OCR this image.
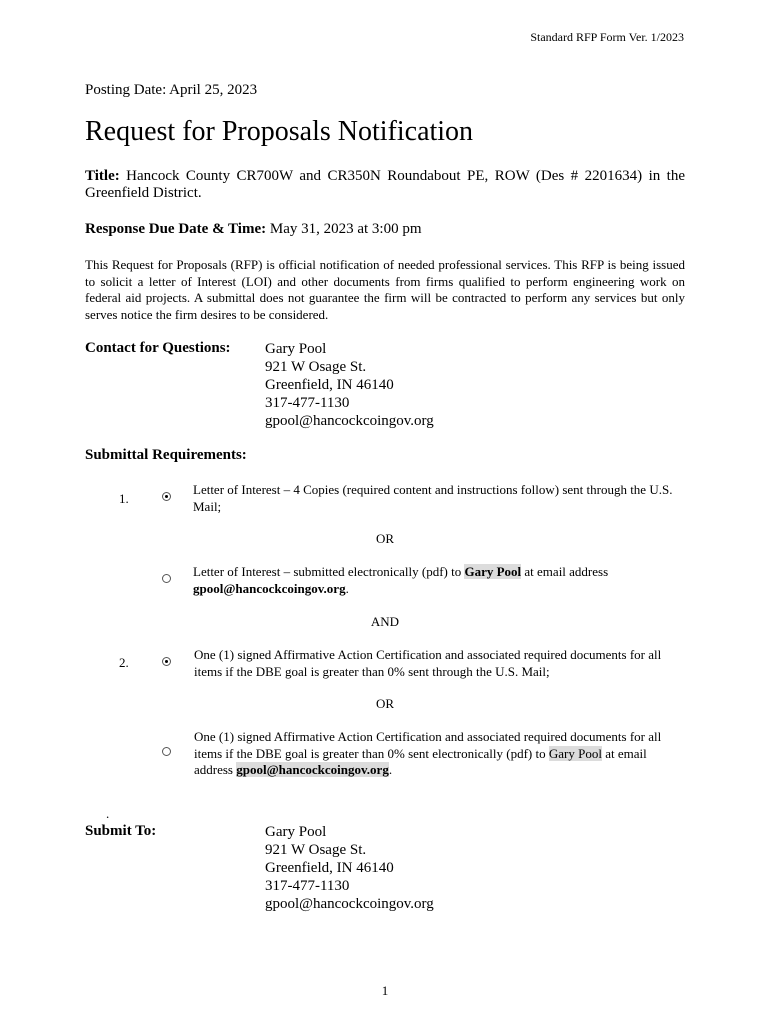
Standard RFP Form Ver. 1/2023
Posting Date: April 25, 2023
Request for Proposals Notification
Title: Hancock County CR700W and CR350N Roundabout PE, ROW (Des # 2201634) in the Greenfield District.
Response Due Date & Time: May 31, 2023 at 3:00 pm
This Request for Proposals (RFP) is official notification of needed professional services. This RFP is being issued to solicit a letter of Interest (LOI) and other documents from firms qualified to perform engineering work on federal aid projects. A submittal does not guarantee the firm will be contracted to perform any services but only serves notice the firm desires to be considered.
Contact for Questions: Gary Pool
921 W Osage St.
Greenfield, IN 46140
317-477-1130
gpool@hancockcoingov.org
Submittal Requirements:
1.
Letter of Interest – 4 Copies (required content and instructions follow) sent through the U.S. Mail;
OR
Letter of Interest – submitted electronically (pdf) to Gary Pool at email address gpool@hancockcoingov.org.
AND
2.
One (1) signed Affirmative Action Certification and associated required documents for all items if the DBE goal is greater than 0% sent through the U.S. Mail;
OR
One (1) signed Affirmative Action Certification and associated required documents for all items if the DBE goal is greater than 0% sent electronically (pdf) to Gary Pool at email address gpool@hancockcoingov.org.
.
Submit To:	Gary Pool
921 W Osage St.
Greenfield, IN 46140
317-477-1130
gpool@hancockcoingov.org
1
